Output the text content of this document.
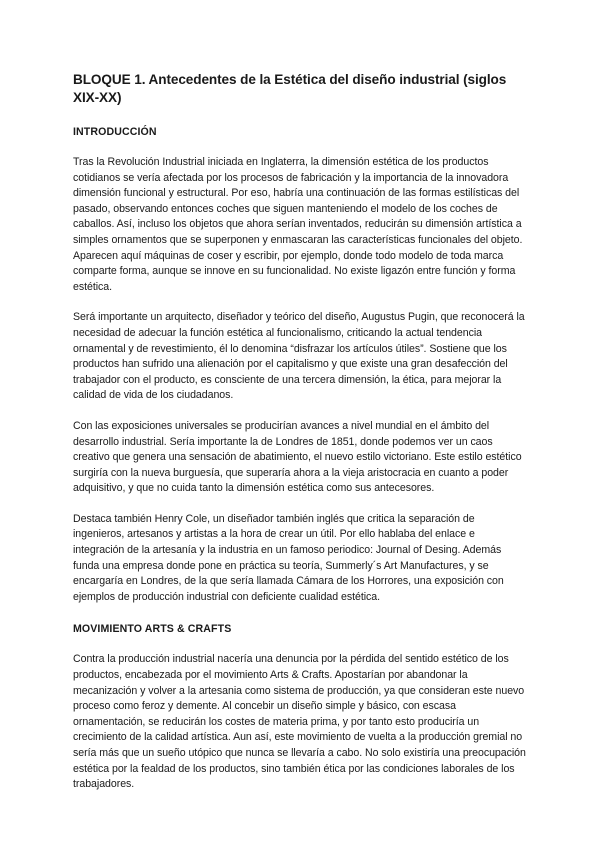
BLOQUE 1. Antecedentes de la Estética del diseño industrial (siglos XIX-XX)
INTRODUCCIÓN

Tras la Revolución Industrial iniciada en Inglaterra, la dimensión estética de los productos cotidianos se vería afectada por los procesos de fabricación y la importancia de la innovadora dimensión funcional y estructural. Por eso, habría una continuación de las formas estilísticas del pasado, observando entonces coches que siguen manteniendo el modelo de los coches de caballos. Así, incluso los objetos que ahora serían inventados, reducirán su dimensión artística a simples ornamentos que se superponen y enmascaran las características funcionales del objeto. Aparecen aquí máquinas de coser y escribir, por ejemplo, donde todo modelo de toda marca comparte forma, aunque se innove en su funcionalidad. No existe ligazón entre función y forma estética.

Será importante un arquitecto, diseñador y teórico del diseño, Augustus Pugin, que reconocerá la necesidad de adecuar la función estética al funcionalismo, criticando la actual tendencia ornamental y de revestimiento, él lo denomina “disfrazar los artículos útiles”. Sostiene que los productos han sufrido una alienación por el capitalismo y que existe una gran desafección del trabajador con el producto, es consciente de una tercera dimensión, la ética, para mejorar la calidad de vida de los ciudadanos.

Con las exposiciones universales se producirían avances a nivel mundial en el ámbito del desarrollo industrial. Sería importante la de Londres de 1851, donde podemos ver un caos creativo que genera una sensación de abatimiento, el nuevo estilo victoriano. Este estilo estético surgiría con la nueva burguesía, que superaría ahora a la vieja aristocracia en cuanto a poder adquisitivo, y que no cuida tanto la dimensión estética como sus antecesores.

Destaca también Henry Cole, un diseñador también inglés que critica la separación de ingenieros, artesanos y artistas a la hora de crear un útil. Por ello hablaba del enlace e integración de la artesanía y la industria en un famoso periodico: Journal of Desing. Además funda una empresa donde pone en práctica su teoría, Summerly´s Art Manufactures, y se encargaría en Londres, de la que sería llamada Cámara de los Horrores, una exposición con ejemplos de producción industrial con deficiente cualidad estética.

MOVIMIENTO ARTS & CRAFTS

Contra la producción industrial nacería una denuncia por la pérdida del sentido estético de los productos, encabezada por el movimiento Arts & Crafts. Apostarían por abandonar la mecanización y volver a la artesania como sistema de producción, ya que consideran este nuevo proceso como feroz y demente. Al concebir un diseño simple y básico, con escasa ornamentación, se reducirán los costes de materia prima, y por tanto esto produciría un crecimiento de la calidad artística. Aun así, este movimiento de vuelta a la producción gremial no sería más que un sueño utópico que nunca se llevaría a cabo. No solo existiría una preocupación estética por la fealdad de los productos, sino también ética por las condiciones laborales de los trabajadores.
